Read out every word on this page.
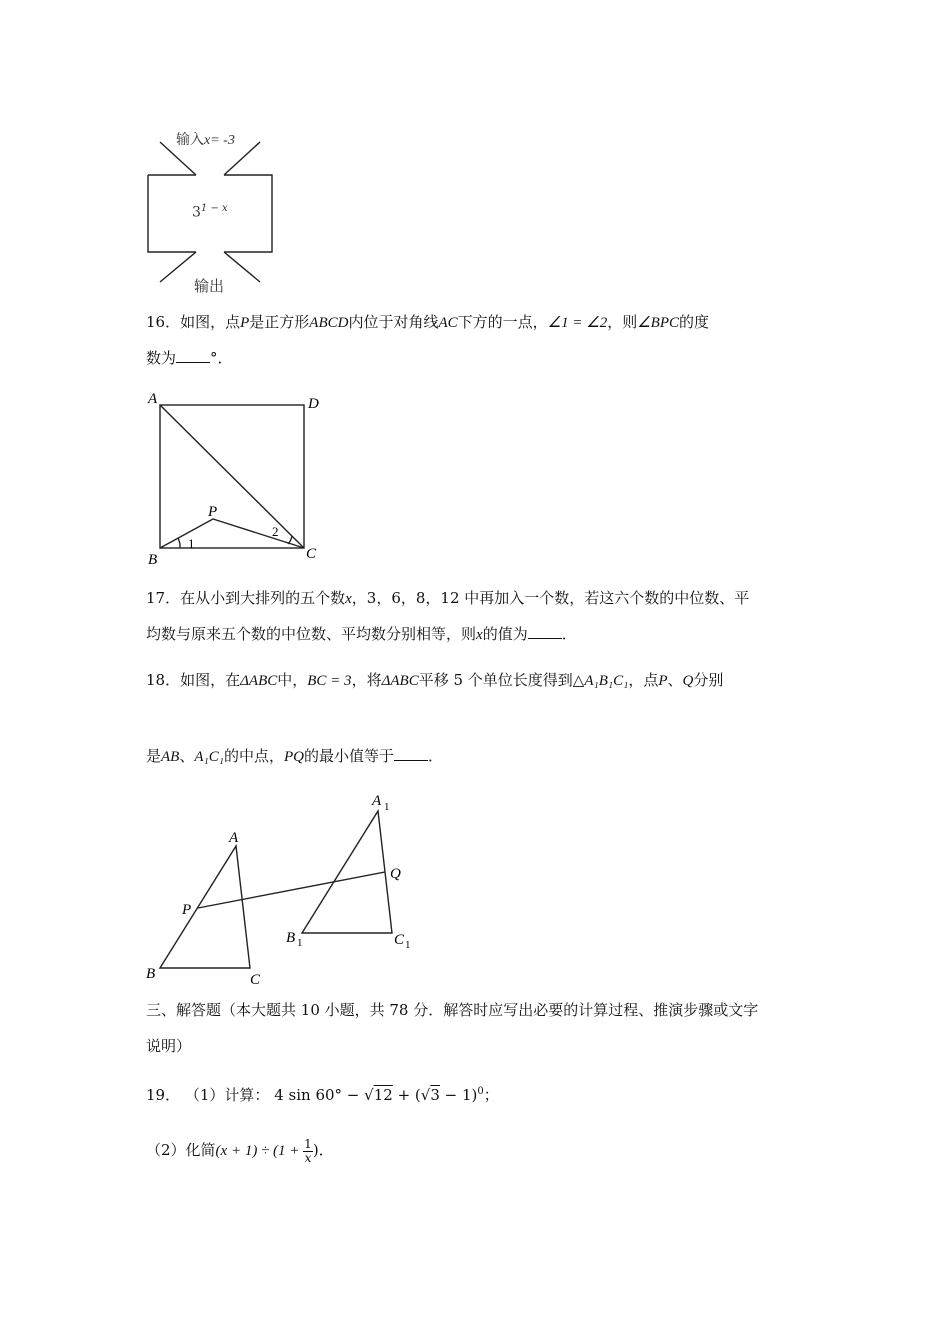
输入x= -3
$3^{1 - x}$
输出
16．如图，点P是正方形ABCD内位于对角线AC下方的一点，∠1 = ∠2，则∠BPC的度
数为 °．
A	D
B	C
P
1
2
17．在从小到大排列的五个数x，3，6，8，12 中再加入一个数，若这六个数的中位数、平
均数与原来五个数的中位数、平均数分别相等，则x的值为 ．
18．如图，在ΔABC中，BC = 3，将ΔABC平移 5 个单位长度得到△A₁B₁C₁，点P、Q分别
是AB、A₁C₁的中点，PQ的最小值等于 ．
A
B	C
P
Q
A 1
B 1	C 1
三、解答题（本大题共 10 小题，共 78 分．解答时应写出必要的计算过程、推演步骤或文字
说明）
19． （1）计算： 4 $\sin 60^\circ - √12 + (√3 - 1)^0$；
（2）化简$(x + 1) \div (1 + \frac{1}{x}$ )．
